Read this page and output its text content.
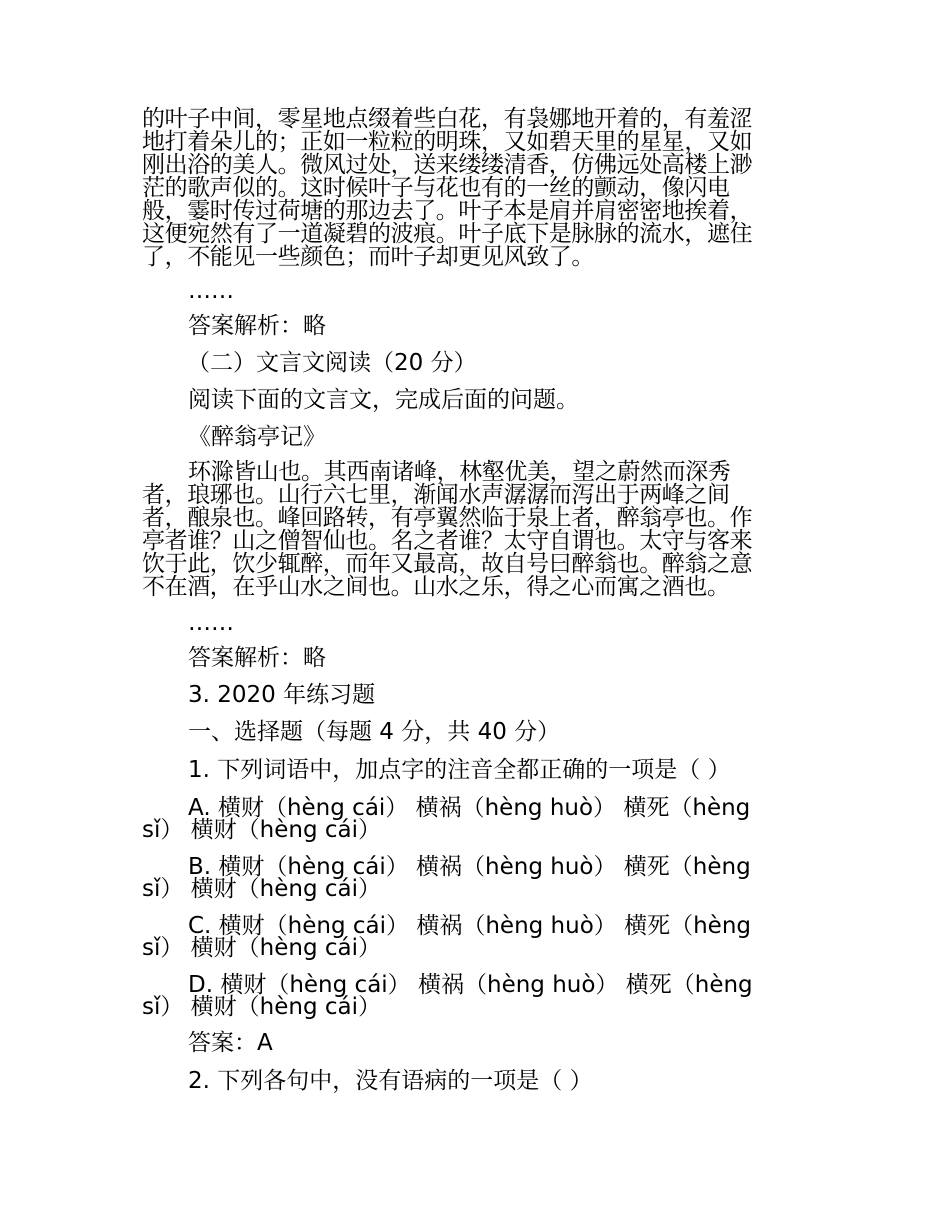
的叶子中间，零星地点缀着些白花，有袅娜地开着的，有羞涩
地打着朵儿的；正如一粒粒的明珠，又如碧天里的星星，又如
刚出浴的美人。微风过处，送来缕缕清香，仿佛远处高楼上渺
茫的歌声似的。这时候叶子与花也有的一丝的颤动，像闪电
般，霎时传过荷塘的那边去了。叶子本是肩并肩密密地挨着，
这便宛然有了一道凝碧的波痕。叶子底下是脉脉的流水，遮住
了，不能见一些颜色；而叶子却更见风致了。
……
答案解析：略
（二）文言文阅读（20 分）
阅读下面的文言文，完成后面的问题。
《醉翁亭记》
环滁皆山也。其西南诸峰，林壑优美，望之蔚然而深秀
者，琅琊也。山行六七里，渐闻水声潺潺而泻出于两峰之间
者，酿泉也。峰回路转，有亭翼然临于泉上者，醉翁亭也。作
亭者谁？山之僧智仙也。名之者谁？太守自谓也。太守与客来
饮于此，饮少辄醉，而年又最高，故自号曰醉翁也。醉翁之意
不在酒，在乎山水之间也。山水之乐，得之心而寓之酒也。
……
答案解析：略
3. 2020 年练习题
一、选择题（每题 4 分，共 40 分）
1. 下列词语中，加点字的注音全都正确的一项是（ ）
A. 横财（hèng cái） 横祸（hèng huò） 横死（hèng
sǐ） 横财（hèng cái）
B. 横财（hèng cái） 横祸（hèng huò） 横死（hèng
sǐ） 横财（hèng cái）
C. 横财（hèng cái） 横祸（hèng huò） 横死（hèng
sǐ） 横财（hèng cái）
D. 横财（hèng cái） 横祸（hèng huò） 横死（hèng
sǐ） 横财（hèng cái）
答案：A
2. 下列各句中，没有语病的一项是（ ）
